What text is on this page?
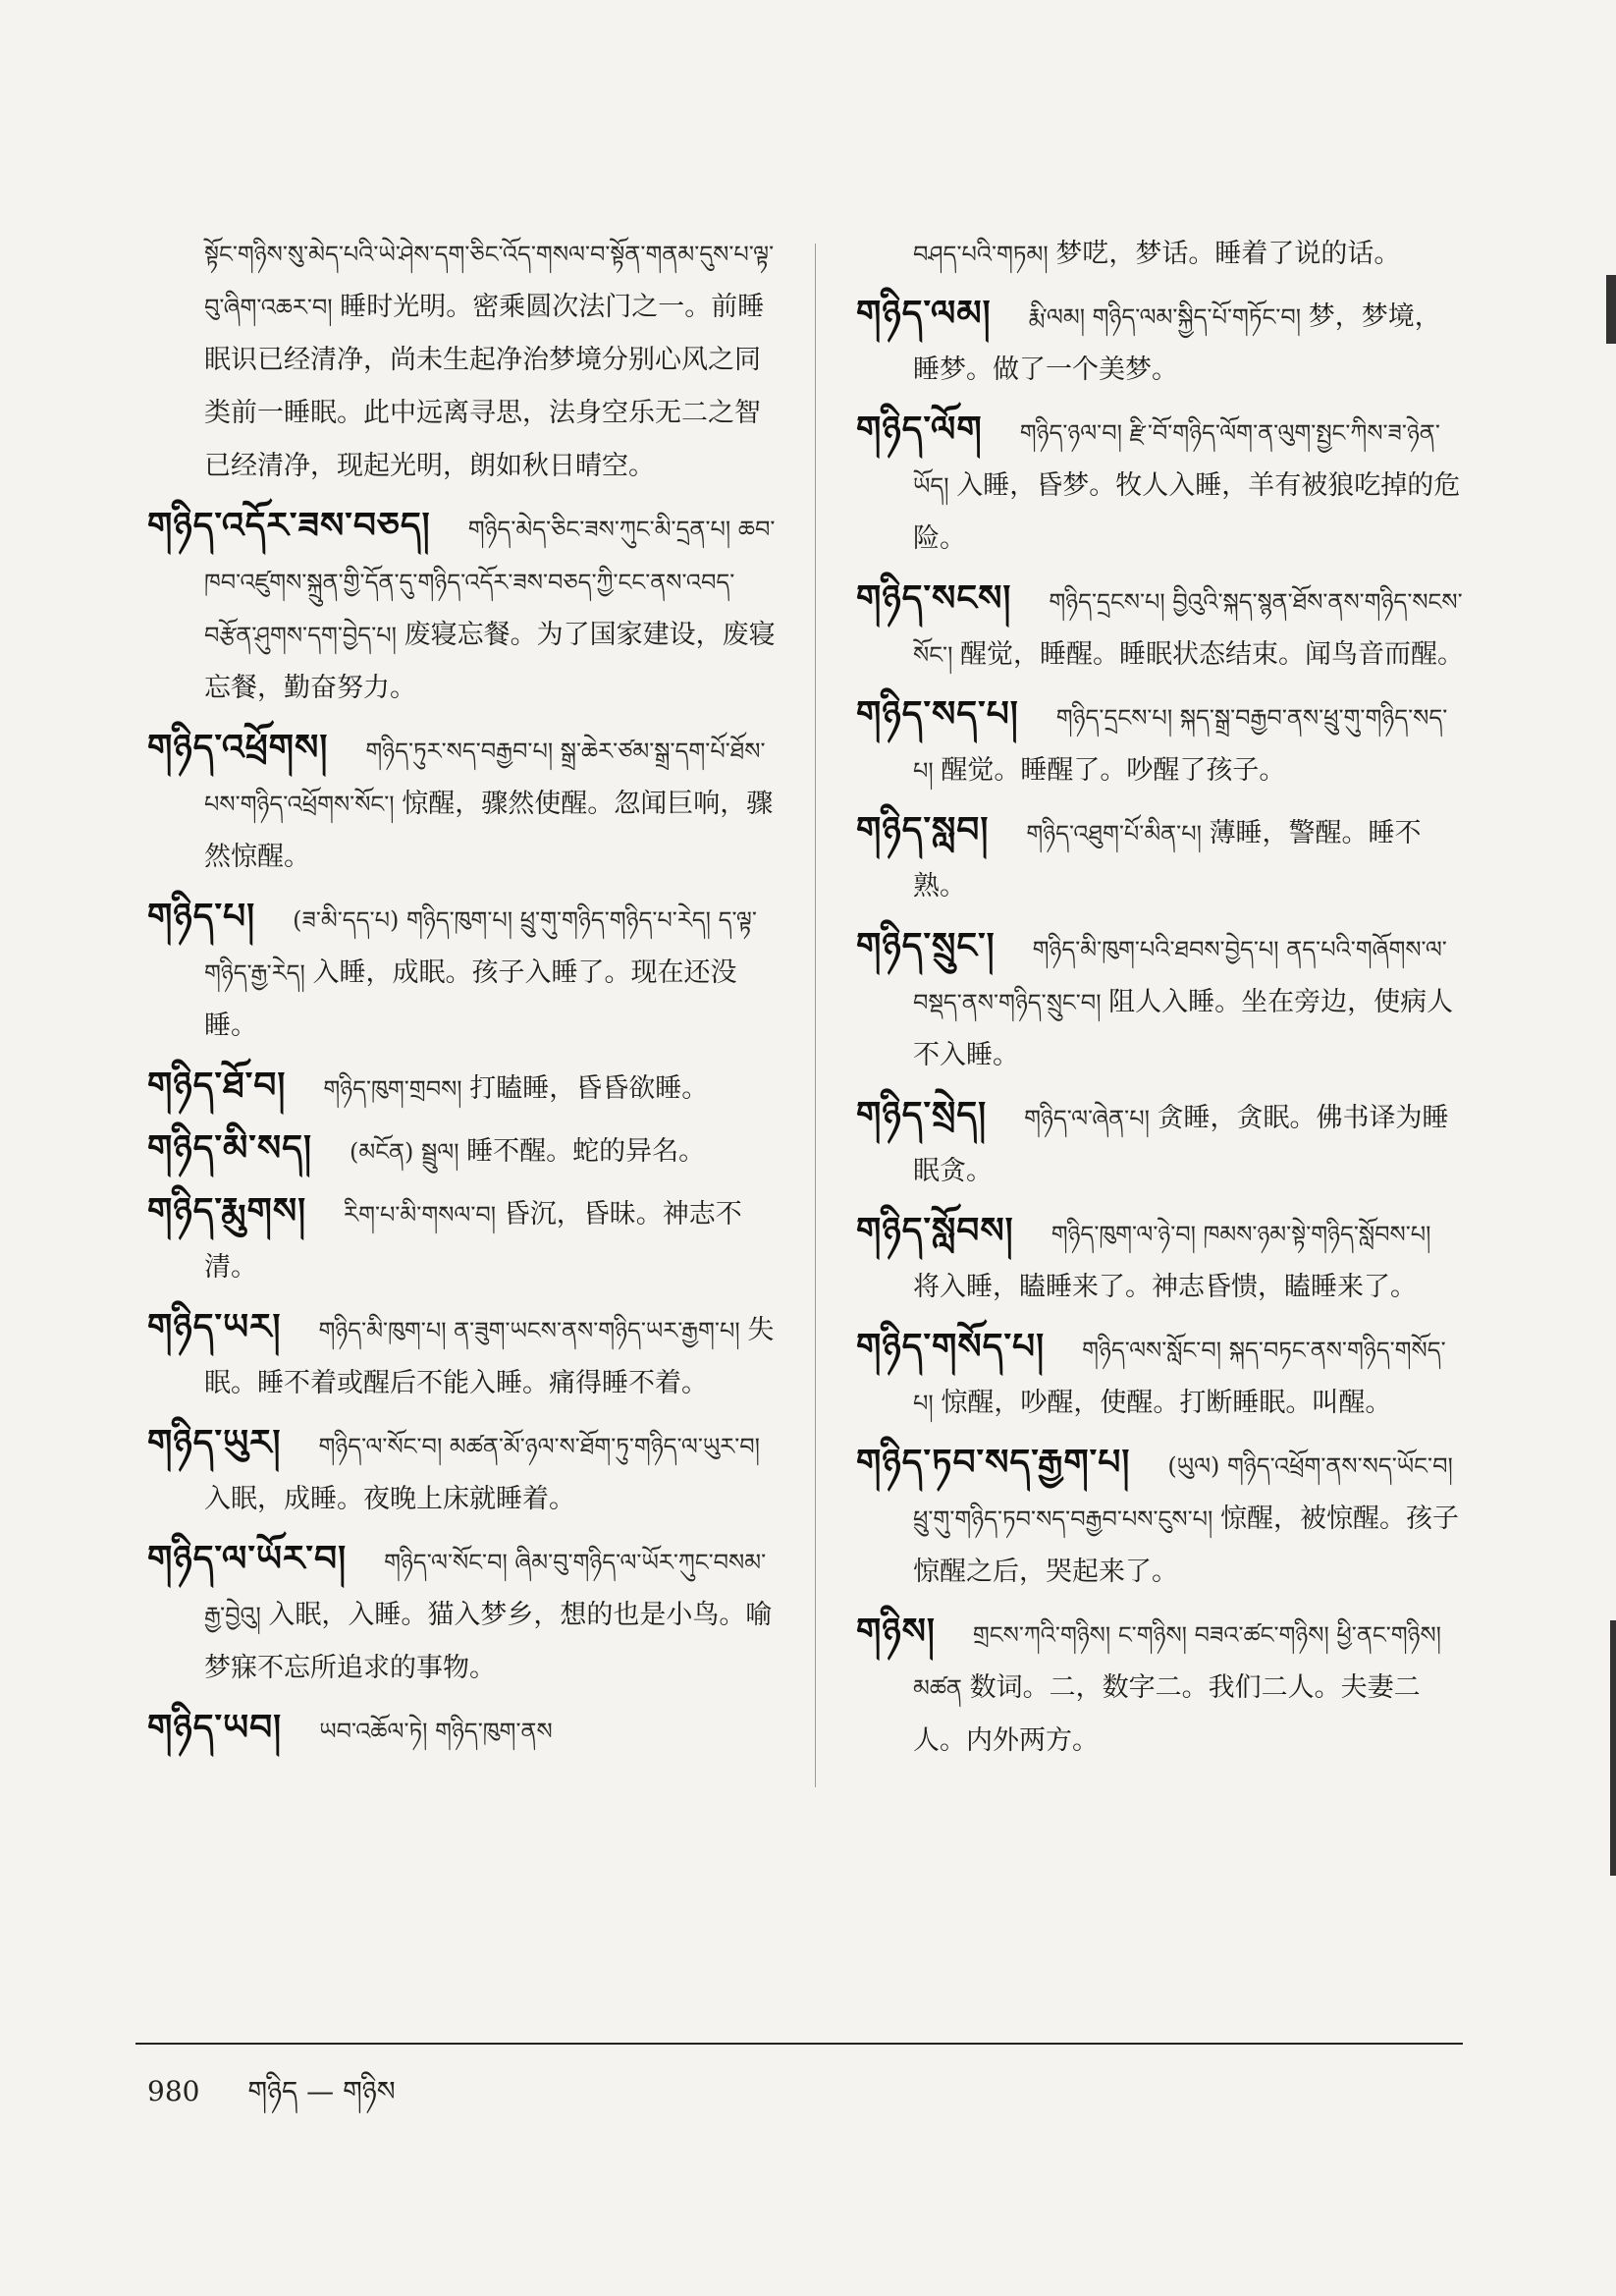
སྟོང་གཉིས་སུ་མེད་པའི་ཡེ་ཤེས་དག་ཅིང་འོད་གསལ་བ་སྟོན་གནམ་དུས་པ་ལྟ་བུ་ཞིག་འཆར་བ། 睡时光明。密乘圆次法门之一。前睡眠识已经清净，尚未生起净治梦境分别心风之同类前一睡眠。此中远离寻思，法身空乐无二之智已经清净，现起光明，朗如秋日晴空。
གཉིད་འདོར་ཟས་བཅད། གཉིད་མེད་ཅིང་ཟས་ཀུང་མི་དྲན་པ། ཆབ་ཁབ་འཛུགས་སྐྲུན་གྱི་དོན་དུ་གཉིད་འདོར་ཟས་བཅད་ཀྱི་ངང་ནས་འབད་བརྩོན་ཤུགས་དག་བྱེད་པ། 废寝忘餐。为了国家建设，废寝忘餐，勤奋努力。
གཉིད་འཕྲོགས། གཉིད་ཏུར་སད་བརྒྱབ་པ། སྒྲ་ཆེར་ཙམ་སྒྲ་དག་པོ་ཐོས་པས་གཉིད་འཕྲོགས་སོང་། 惊醒，骤然使醒。忽闻巨响，骤然惊醒。
གཉིད་པ། (ཟ་མི་དད་པ) གཉིད་ཁུག་པ། ཕྲུ་གུ་གཉིད་གཉིད་པ་རེད། ད་ལྟ་གཉིད་རྒྱ་རེད། 入睡，成眠。孩子入睡了。现在还没睡。
གཉིད་ཐོ་བ། གཉིད་ཁུག་གྲབས། 打瞌睡，昏昏欲睡。
གཉིད་མི་སད། (མངོན) སྦྲུལ། 睡不醒。蛇的异名。
གཉིད་རྨུགས། རིག་པ་མི་གསལ་བ། 昏沉，昏昧。神志不清。
གཉིད་ཡར། གཉིད་མི་ཁུག་པ། ན་ཟུག་ཡངས་ནས་གཉིད་ཡར་རྒྱག་པ། 失眠。睡不着或醒后不能入睡。痛得睡不着。
གཉིད་ཡུར། གཉིད་ལ་སོང་བ། མཚན་མོ་ཉལ་ས་ཐོག་ཏུ་གཉིད་ལ་ཡུར་བ། 入眠，成睡。夜晚上床就睡着。
གཉིད་ལ་ཡོར་བ། གཉིད་ལ་སོང་བ། ཞིམ་བུ་གཉིད་ལ་ཡོར་ཀུང་བསམ་རྒྱ་བྱེའུ། 入眠，入睡。猫入梦乡，想的也是小鸟。喻梦寐不忘所追求的事物。
གཉིད་ཡབ། ཡབ་འཆོལ་ཏེ། གཉིད་ཁུག་ནས
བཤད་པའི་གཏམ། 梦呓，梦话。睡着了说的话。
གཉིད་ལམ། རྨི་ལམ། གཉིད་ལམ་སྐྱིད་པོ་གཏོང་བ། 梦，梦境，睡梦。做了一个美梦。
གཉིད་ལོག གཉིད་ཉལ་བ། རྫི་བོ་གཉིད་ལོག་ན་ལུག་སྤྱང་ཀིས་ཟ་ཉེན་ཡོད། 入睡，昏梦。牧人入睡，羊有被狼吃掉的危险。
གཉིད་སངས། གཉིད་དྲངས་པ། བྱིའུའི་སྐད་སྙན་ཐོས་ནས་གཉིད་སངས་སོང་། 醒觉，睡醒。睡眠状态结束。闻鸟音而醒。
གཉིད་སད་པ། གཉིད་དྲངས་པ། སྐད་སྒྲ་བརྒྱབ་ནས་ཕྲུ་གུ་གཉིད་སད་པ། 醒觉。睡醒了。吵醒了孩子。
གཉིད་སླབ། གཉིད་འཐུག་པོ་མིན་པ། 薄睡，警醒。睡不熟。
གཉིད་སྲུང་། གཉིད་མི་ཁུག་པའི་ཐབས་བྱེད་པ། ནད་པའི་གཞོགས་ལ་བསྡད་ནས་གཉིད་སྲུང་བ། 阻人入睡。坐在旁边，使病人不入睡。
གཉིད་སྲེད། གཉིད་ལ་ཞེན་པ། 贪睡，贪眠。佛书译为睡眠贪。
གཉིད་སློབས། གཉིད་ཁུག་ལ་ཉེ་བ། ཁམས་ཉམ་སྟེ་གཉིད་སློབས་པ། 将入睡，瞌睡来了。神志昏愦，瞌睡来了。
གཉིད་གསོད་པ། གཉིད་ལས་སློང་བ། སྐད་བཏང་ནས་གཉིད་གསོད་པ། 惊醒，吵醒，使醒。打断睡眠。叫醒。
གཉིད་ཏབ་སད་རྒྱག་པ། (ཡུལ) གཉིད་འཕྲོག་ནས་སད་ཡོང་བ། ཕྲུ་གུ་གཉིད་ཏབ་སད་བརྒྱབ་པས་ངུས་པ། 惊醒，被惊醒。孩子惊醒之后，哭起来了。
གཉིས། གྲངས་ཀའི་གཉིས། ང་གཉིས། བཟའ་ཚང་གཉིས། ཕྱི་ནང་གཉིས། མཚན 数词。二，数字二。我们二人。夫妻二人。内外两方。
980 གཉིད — གཉིས
